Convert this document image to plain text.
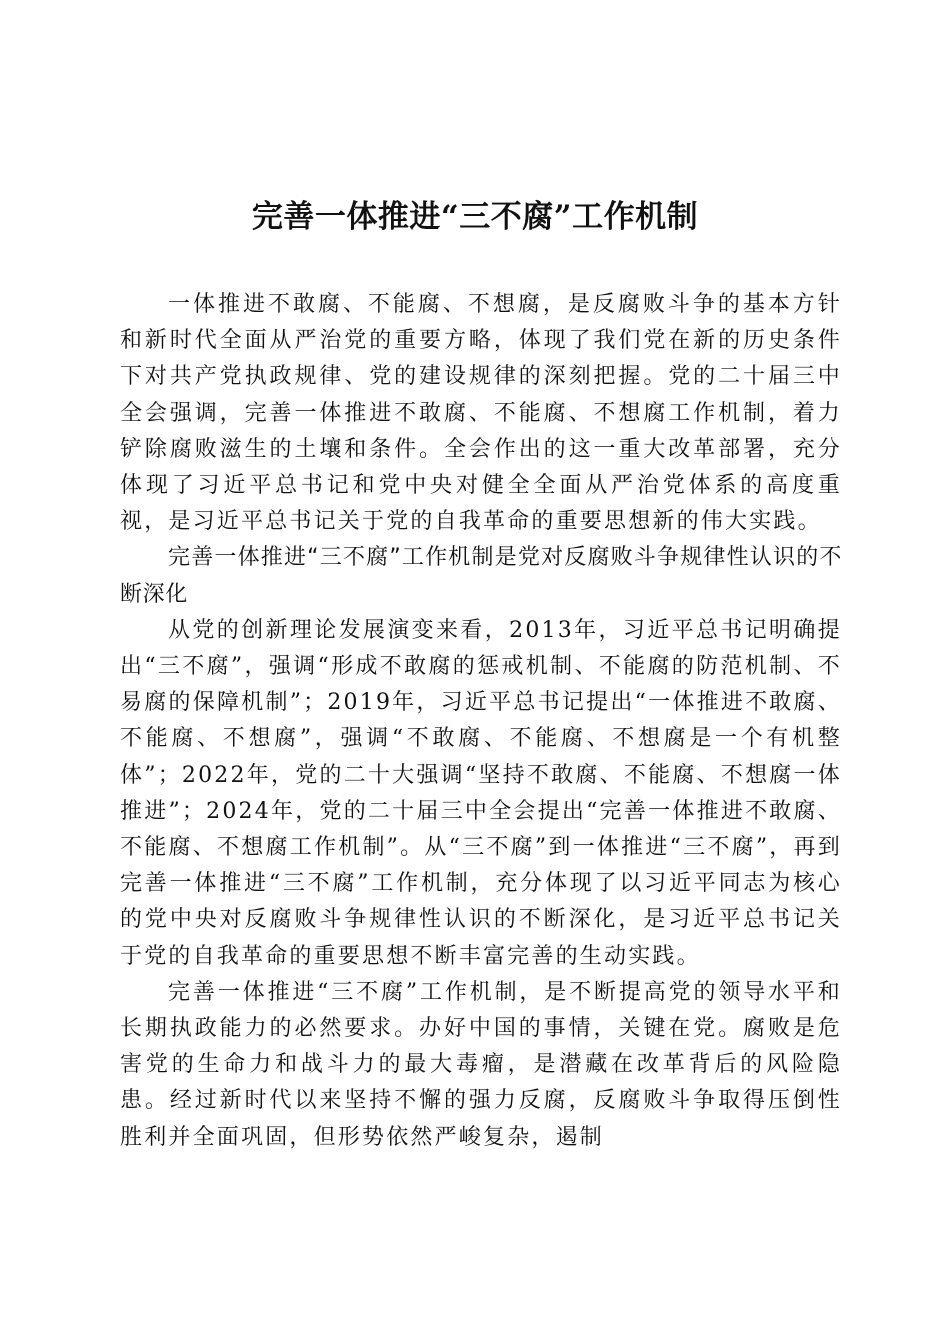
完善一体推进“三不腐”工作机制

一体推进不敢腐、不能腐、不想腐，是反腐败斗争的基本方针和新时代全面从严治党的重要方略，体现了我们党在新的历史条件下对共产党执政规律、党的建设规律的深刻把握。党的二十届三中全会强调，完善一体推进不敢腐、不能腐、不想腐工作机制，着力铲除腐败滋生的土壤和条件。全会作出的这一重大改革部署，充分体现了习近平总书记和党中央对健全全面从严治党体系的高度重视，是习近平总书记关于党的自我革命的重要思想新的伟大实践。

完善一体推进“三不腐”工作机制是党对反腐败斗争规律性认识的不断深化

从党的创新理论发展演变来看，2013年，习近平总书记明确提出“三不腐”，强调“形成不敢腐的惩戒机制、不能腐的防范机制、不易腐的保障机制”；2019年，习近平总书记提出“一体推进不敢腐、不能腐、不想腐”，强调“不敢腐、不能腐、不想腐是一个有机整体”；2022年，党的二十大强调“坚持不敢腐、不能腐、不想腐一体推进”；2024年，党的二十届三中全会提出“完善一体推进不敢腐、不能腐、不想腐工作机制”。从“三不腐”到一体推进“三不腐”，再到完善一体推进“三不腐”工作机制，充分体现了以习近平同志为核心的党中央对反腐败斗争规律性认识的不断深化，是习近平总书记关于党的自我革命的重要思想不断丰富完善的生动实践。

完善一体推进“三不腐”工作机制，是不断提高党的领导水平和长期执政能力的必然要求。办好中国的事情，关键在党。腐败是危害党的生命力和战斗力的最大毒瘤，是潜藏在改革背后的风险隐患。经过新时代以来坚持不懈的强力反腐，反腐败斗争取得压倒性胜利并全面巩固，但形势依然严峻复杂，遏制
